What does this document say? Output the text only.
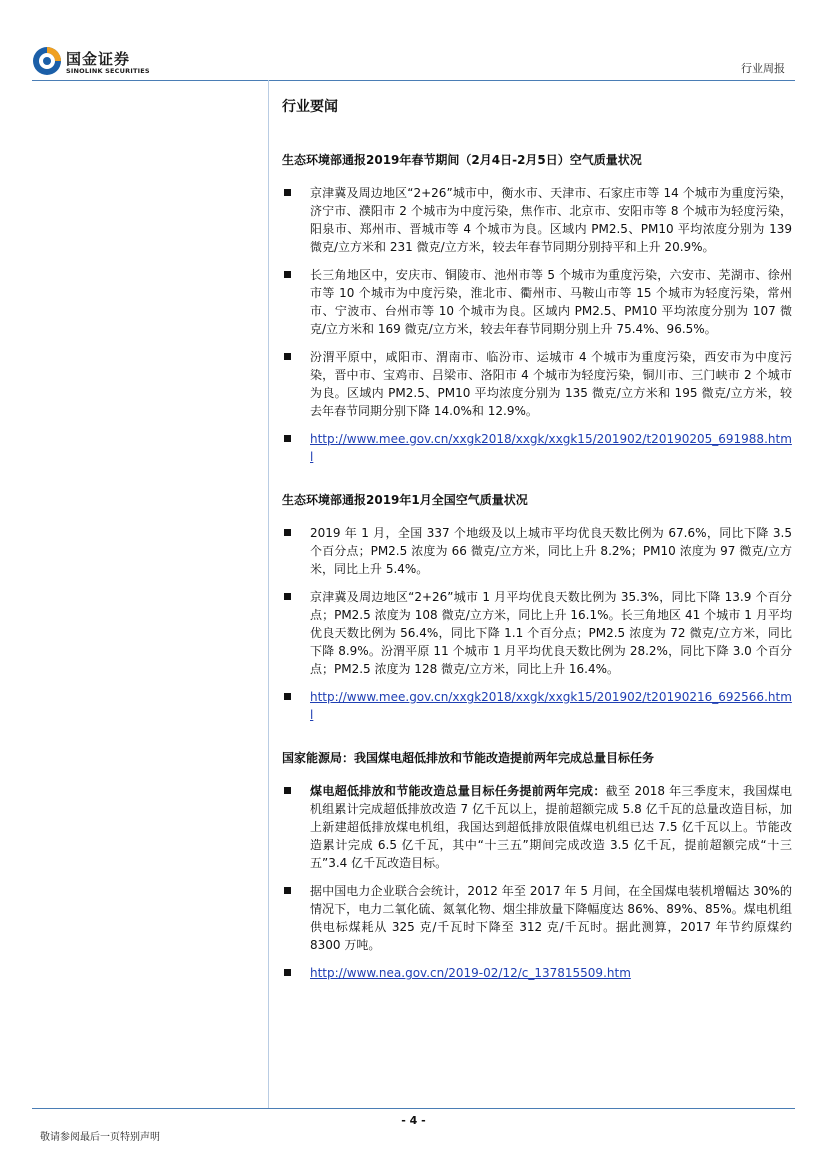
国金证券
SINOLINK SECURITIES	行业周报
行业要闻
生态环境部通报2019年春节期间（2月4日-2月5日）空气质量状况
京津冀及周边地区“2+26”城市中，衡水市、天津市、石家庄市等 14 个城市为重度污染，济宁市、濮阳市 2 个城市为中度污染，焦作市、北京市、安阳市等 8 个城市为轻度污染，阳泉市、郑州市、晋城市等 4 个城市为良。区域内 PM2.5、PM10 平均浓度分别为 139 微克/立方米和 231 微克/立方米，较去年春节同期分别持平和上升 20.9%。
长三角地区中，安庆市、铜陵市、池州市等 5 个城市为重度污染，六安市、芜湖市、徐州市等 10 个城市为中度污染，淮北市、衢州市、马鞍山市等 15 个城市为轻度污染，常州市、宁波市、台州市等 10 个城市为良。区域内 PM2.5、PM10 平均浓度分别为 107 微克/立方米和 169 微克/立方米，较去年春节同期分别上升 75.4%、96.5%。
汾渭平原中，咸阳市、渭南市、临汾市、运城市 4 个城市为重度污染，西安市为中度污染，晋中市、宝鸡市、吕梁市、洛阳市 4 个城市为轻度污染，铜川市、三门峡市 2 个城市为良。区域内 PM2.5、PM10 平均浓度分别为 135 微克/立方米和 195 微克/立方米，较去年春节同期分别下降 14.0%和 12.9%。
http://www.mee.gov.cn/xxgk2018/xxgk/xxgk15/201902/t20190205_691988.html
生态环境部通报2019年1月全国空气质量状况
2019 年 1 月，全国 337 个地级及以上城市平均优良天数比例为 67.6%，同比下降 3.5 个百分点；PM2.5 浓度为 66 微克/立方米，同比上升 8.2%；PM10 浓度为 97 微克/立方米，同比上升 5.4%。
京津冀及周边地区“2+26”城市 1 月平均优良天数比例为 35.3%，同比下降 13.9 个百分点；PM2.5 浓度为 108 微克/立方米，同比上升 16.1%。长三角地区 41 个城市 1 月平均优良天数比例为 56.4%，同比下降 1.1 个百分点；PM2.5 浓度为 72 微克/立方米，同比下降 8.9%。汾渭平原 11 个城市 1 月平均优良天数比例为 28.2%，同比下降 3.0 个百分点；PM2.5 浓度为 128 微克/立方米，同比上升 16.4%。
http://www.mee.gov.cn/xxgk2018/xxgk/xxgk15/201902/t20190216_692566.html
国家能源局：我国煤电超低排放和节能改造提前两年完成总量目标任务
煤电超低排放和节能改造总量目标任务提前两年完成：截至 2018 年三季度末，我国煤电机组累计完成超低排放改造 7 亿千瓦以上，提前超额完成 5.8 亿千瓦的总量改造目标，加上新建超低排放煤电机组，我国达到超低排放限值煤电机组已达 7.5 亿千瓦以上。节能改造累计完成 6.5 亿千瓦，其中“十三五”期间完成改造 3.5 亿千瓦，提前超额完成“十三五”3.4 亿千瓦改造目标。
据中国电力企业联合会统计，2012 年至 2017 年 5 月间，在全国煤电装机增幅达 30%的情况下，电力二氧化硫、氮氧化物、烟尘排放量下降幅度达 86%、89%、85%。煤电机组供电标煤耗从 325 克/千瓦时下降至 312 克/千瓦时。据此测算，2017 年节约原煤约 8300 万吨。
http://www.nea.gov.cn/2019-02/12/c_137815509.htm
- 4 -
敬请参阅最后一页特别声明
